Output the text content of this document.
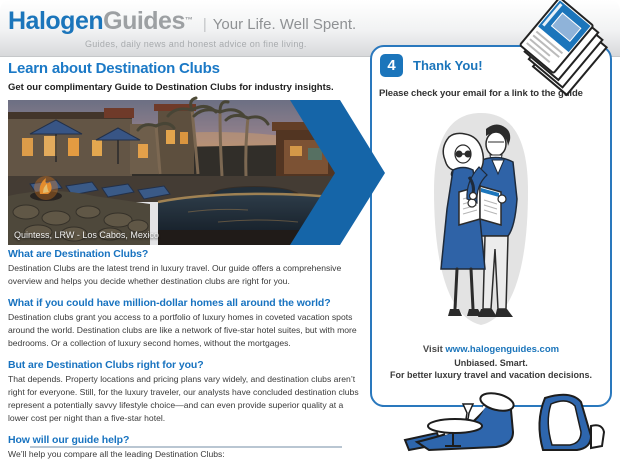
HalogenGuides™ | Your Life. Well Spent.
Guides, daily news and honest advice on fine living.
Learn about Destination Clubs
Get our complimentary Guide to Destination Clubs for industry insights.
Quintess, LRW - Los Cabos, Mexico
What are Destination Clubs?

Destination Clubs are the latest trend in luxury travel. Our guide offers a comprehensive overview and helps you decide whether destination clubs are right for you.

What if you could have million-dollar homes all around the world?

Destination clubs grant you access to a portfolio of luxury homes in coveted vacation spots around the world. Destination clubs are like a network of five-star hotel suites, but with more bedrooms. Or a collection of luxury second homes, without the mortgages.

But are Destination Clubs right for you?

That depends. Property locations and pricing plans vary widely, and destination clubs aren’t right for everyone. Still, for the luxury traveler, our analysts have concluded destination clubs represent a potentially savvy lifestyle choice—and can even provide superior quality at a lower cost per night than a five-star hotel.

How will our guide help?

We’ll help you compare all the leading Destination Clubs:

4	Thank You!
Please check your email for a link to the guide
Visit www.halogenguides.com
Unbiased. Smart.
For better luxury travel and vacation decisions.
